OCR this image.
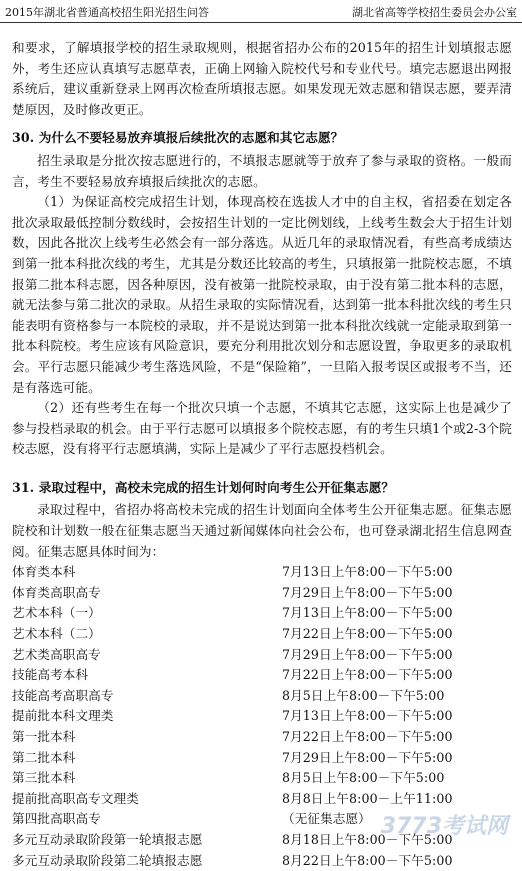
2015年湖北省普通高校招生阳光招生问答	湖北省高等学校招生委员会办公室

和要求，了解填报学校的招生录取规则，根据省招办公布的2015年的招生计划填报志愿外，考生还应认真填写志愿草表，正确上网输入院校代号和专业代号。填完志愿退出网报系统后，建议重新登录上网再次检查所填报志愿。如果发现无效志愿和错误志愿，要弄清楚原因，及时修改更正。

30. 为什么不要轻易放弃填报后续批次的志愿和其它志愿？

招生录取是分批次按志愿进行的，不填报志愿就等于放弃了参与录取的资格。一般而言，考生不要轻易放弃填报后续批次的志愿。

（1）为保证高校完成招生计划，体现高校在选拔人才中的自主权，省招委在划定各批次录取最低控制分数线时，会按招生计划的一定比例划线，上线考生数会大于招生计划数，因此各批次上线考生必然会有一部分落选。从近几年的录取情况看，有些高考成绩达到第一批本科批次线的考生，尤其是分数还比较高的考生，只填报第一批院校志愿，不填报第二批本科志愿，因各种原因，没有被第一批院校录取，由于没有第二批本科的志愿，就无法参与第二批次的录取。从招生录取的实际情况看，达到第一批本科批次线的考生只能表明有资格参与一本院校的录取，并不是说达到第一批本科批次线就一定能录取到第一批本科院校。考生应该有风险意识，要充分利用批次划分和志愿设置，争取更多的录取机会。平行志愿只能减少考生落选风险，不是“保险箱”，一旦陷入报考误区或报考不当，还是有落选可能。

（2）还有些考生在每一个批次只填一个志愿，不填其它志愿，这实际上也是减少了参与投档录取的机会。由于平行志愿可以填报多个院校志愿，有的考生只填1个或2-3个院校志愿，没有将平行志愿填满，实际上是减少了平行志愿投档机会。

31. 录取过程中，高校未完成的招生计划何时向考生公开征集志愿？

录取过程中，省招办将高校未完成的招生计划面向全体考生公开征集志愿。征集志愿院校和计划数一般在征集志愿当天通过新闻媒体向社会公布，也可登录湖北招生信息网查阅。征集志愿具体时间为：

体育类本科	7月13日上午8:00－下午5:00
体育类高职高专	7月29日上午8:00－下午5:00
艺术本科（一）	7月13日上午8:00－下午5:00
艺术本科（二）	7月22日上午8:00－下午5:00
艺术类高职高专	7月29日上午8:00－下午5:00
技能高考本科	7月22日上午8:00－下午5:00
技能高考高职高专	8月5日上午8:00－下午5:00
提前批本科文理类	7月13日上午8:00－下午5:00
第一批本科	7月22日上午8:00－下午5:00
第二批本科	7月29日上午8:00－下午5:00
第三批本科	8月5日上午8:00－下午5:00
提前批高职高专文理类	8月8日上午8:00－上午11:00
第四批高职高专	（无征集志愿）
多元互动录取阶段第一轮填报志愿	8月18日上午8:00－下午5:00
多元互动录取阶段第二轮填报志愿	8月22日上午8:00－下午5:00
3773考试网
